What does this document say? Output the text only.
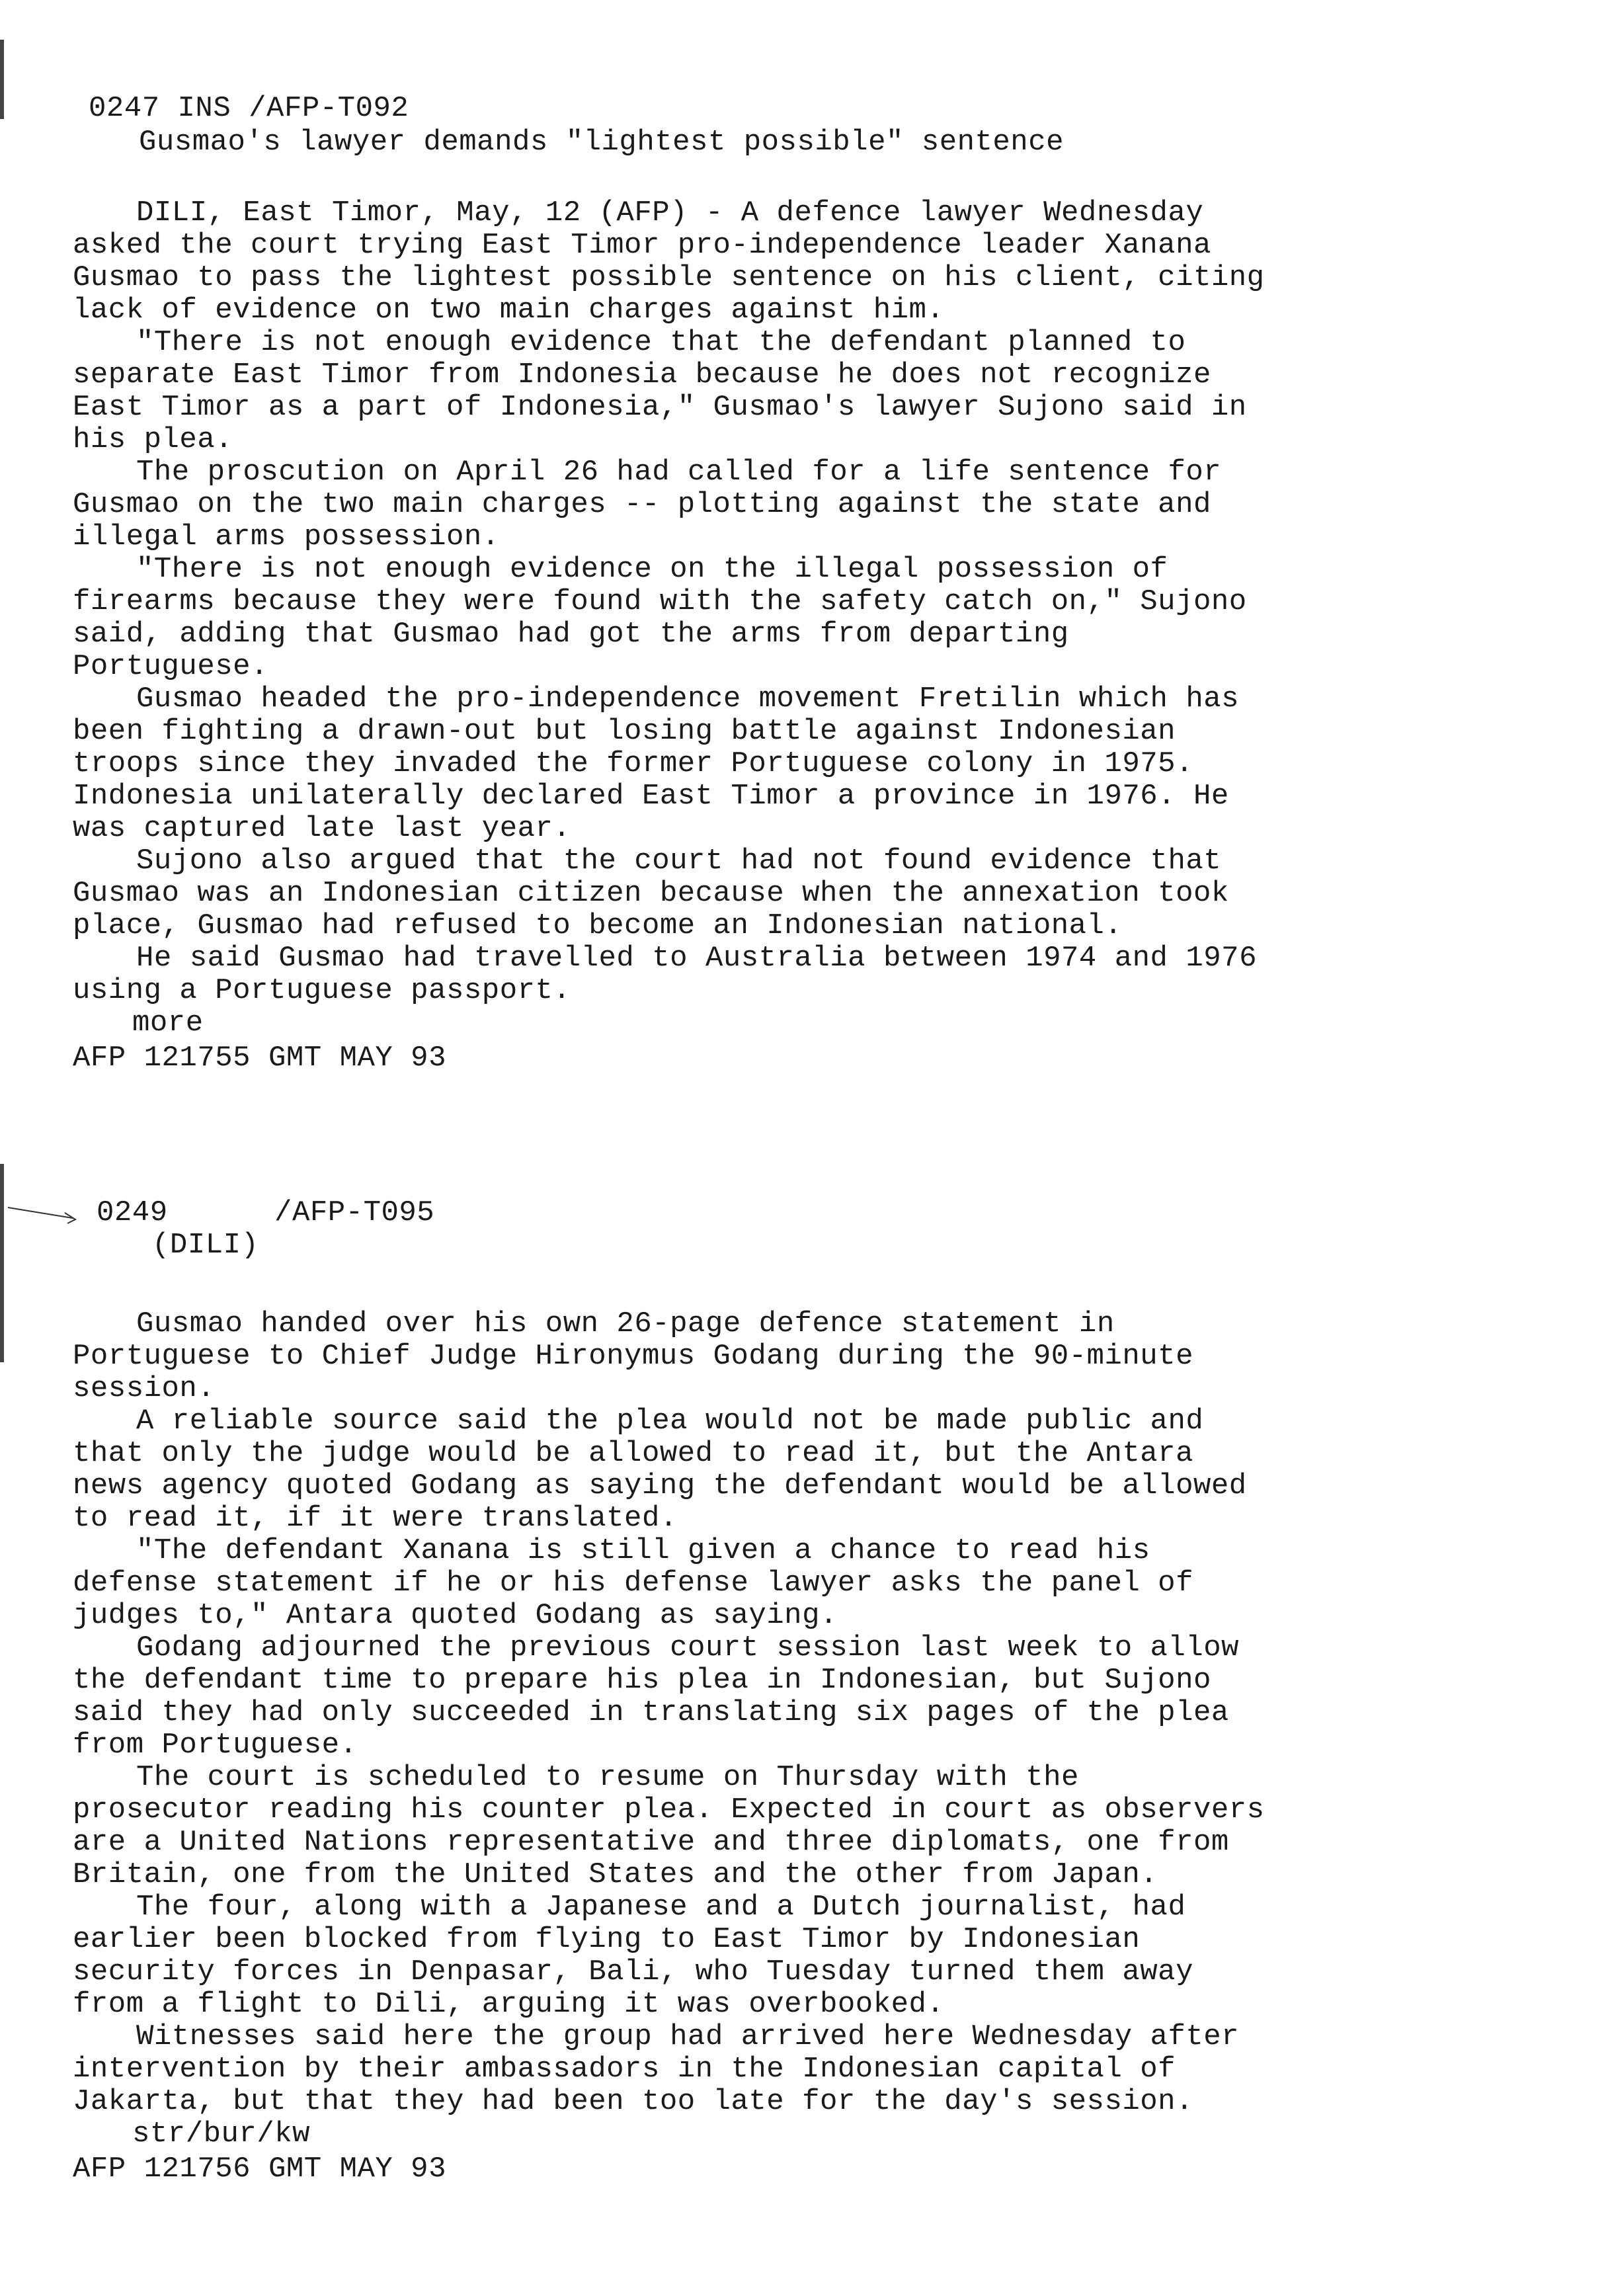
0247 INS /AFP-T092
Gusmao's lawyer demands "lightest possible" sentence
DILI, East Timor, May, 12 (AFP) - A defence lawyer Wednesday
asked the court trying East Timor pro-independence leader Xanana
Gusmao to pass the lightest possible sentence on his client, citing
lack of evidence on two main charges against him.
"There is not enough evidence that the defendant planned to
separate East Timor from Indonesia because he does not recognize
East Timor as a part of Indonesia," Gusmao's lawyer Sujono said in
his plea.
The proscution on April 26 had called for a life sentence for
Gusmao on the two main charges -- plotting against the state and
illegal arms possession.
"There is not enough evidence on the illegal possession of
firearms because they were found with the safety catch on," Sujono
said, adding that Gusmao had got the arms from departing
Portuguese.
Gusmao headed the pro-independence movement Fretilin which has
been fighting a drawn-out but losing battle against Indonesian
troops since they invaded the former Portuguese colony in 1975.
Indonesia unilaterally declared East Timor a province in 1976. He
was captured late last year.
Sujono also argued that the court had not found evidence that
Gusmao was an Indonesian citizen because when the annexation took
place, Gusmao had refused to become an Indonesian national.
He said Gusmao had travelled to Australia between 1974 and 1976
using a Portuguese passport.
more
AFP 121755 GMT MAY 93
0249      /AFP-T095
(DILI)
Gusmao handed over his own 26-page defence statement in
Portuguese to Chief Judge Hironymus Godang during the 90-minute
session.
A reliable source said the plea would not be made public and
that only the judge would be allowed to read it, but the Antara
news agency quoted Godang as saying the defendant would be allowed
to read it, if it were translated.
"The defendant Xanana is still given a chance to read his
defense statement if he or his defense lawyer asks the panel of
judges to," Antara quoted Godang as saying.
Godang adjourned the previous court session last week to allow
the defendant time to prepare his plea in Indonesian, but Sujono
said they had only succeeded in translating six pages of the plea
from Portuguese.
The court is scheduled to resume on Thursday with the
prosecutor reading his counter plea. Expected in court as observers
are a United Nations representative and three diplomats, one from
Britain, one from the United States and the other from Japan.
The four, along with a Japanese and a Dutch journalist, had
earlier been blocked from flying to East Timor by Indonesian
security forces in Denpasar, Bali, who Tuesday turned them away
from a flight to Dili, arguing it was overbooked.
Witnesses said here the group had arrived here Wednesday after
intervention by their ambassadors in the Indonesian capital of
Jakarta, but that they had been too late for the day's session.
str/bur/kw
AFP 121756 GMT MAY 93
